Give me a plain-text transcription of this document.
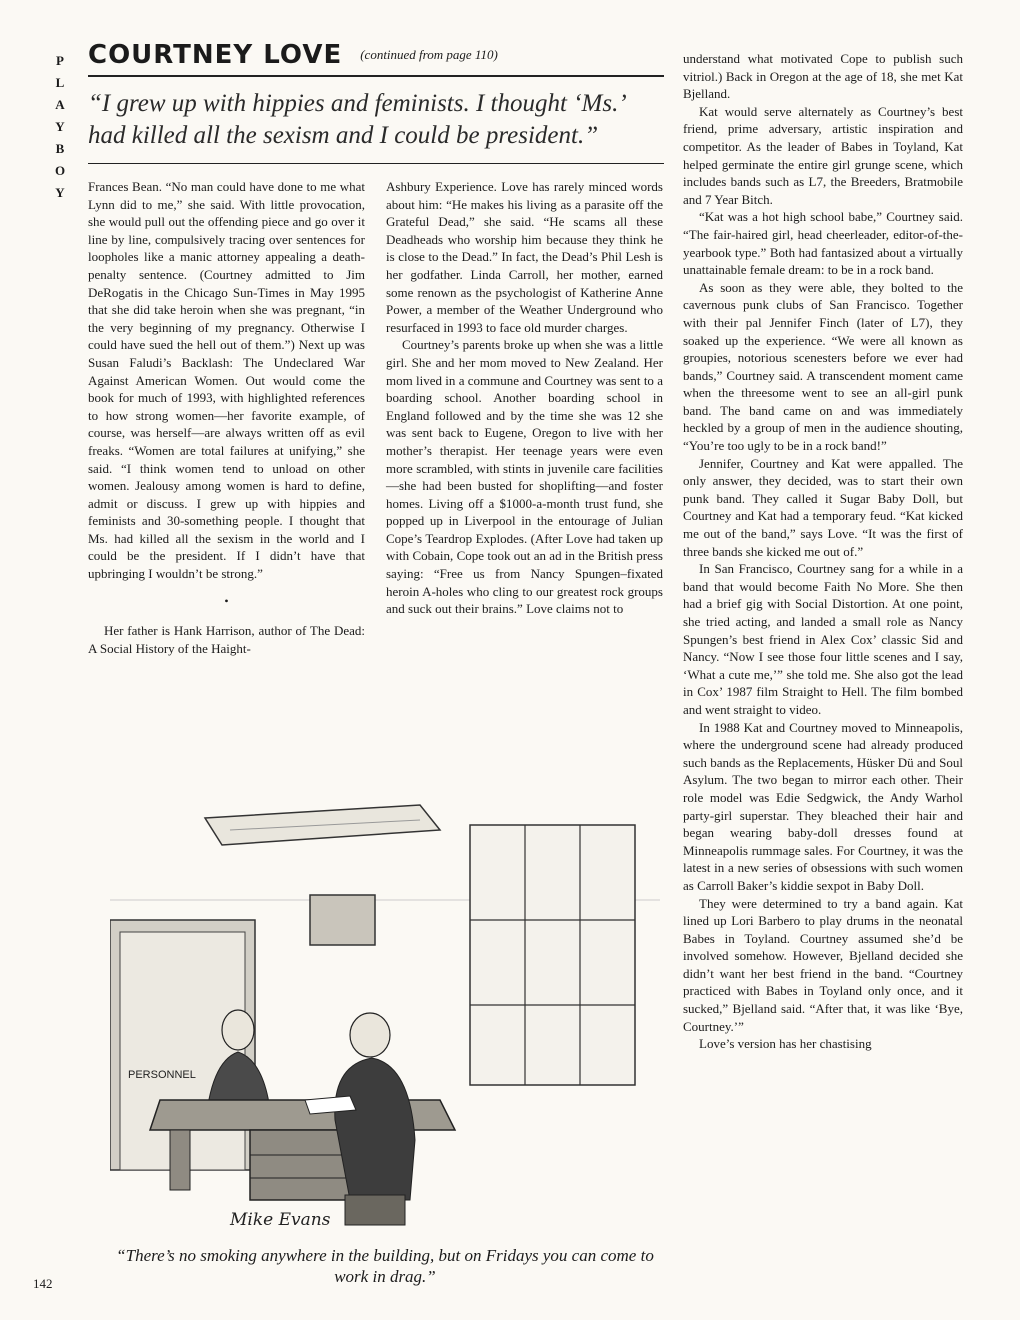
P
L
A
Y
B
O
Y
COURTNEY LOVE (continued from page 110)
“I grew up with hippies and feminists. I thought ‘Ms.’ had killed all the sexism and I could be president.”

Frances Bean. “No man could have done to me what Lynn did to me,” she said. With little provocation, she would pull out the offending piece and go over it line by line, compulsively tracing over sentences for loopholes like a manic attorney appealing a death-penalty sentence. (Courtney admitted to Jim DeRogatis in the Chicago Sun-Times in May 1995 that she did take heroin when she was pregnant, “in the very beginning of my pregnancy. Otherwise I could have sued the hell out of them.”) Next up was Susan Faludi’s Backlash: The Undeclared War Against American Women. Out would come the book for much of 1993, with highlighted references to how strong women—her favorite example, of course, was herself—are always written off as evil freaks. “Women are total failures at unifying,” she said. “I think women tend to unload on other women. Jealousy among women is hard to define, admit or discuss. I grew up with hippies and feminists and 30-something people. I thought that Ms. had killed all the sexism in the world and I could be the president. If I didn’t have that upbringing I wouldn’t be strong.”

•

Her father is Hank Harrison, author of The Dead: A Social History of the Haight-

Ashbury Experience. Love has rarely minced words about him: “He makes his living as a parasite off the Grateful Dead,” she said. “He scams all these Deadheads who worship him because they think he is close to the Dead.” In fact, the Dead’s Phil Lesh is her godfather. Linda Carroll, her mother, earned some renown as the psychologist of Katherine Anne Power, a member of the Weather Underground who resurfaced in 1993 to face old murder charges.

Courtney’s parents broke up when she was a little girl. She and her mom moved to New Zealand. Her mom lived in a commune and Courtney was sent to a boarding school. Another boarding school in England followed and by the time she was 12 she was sent back to Eugene, Oregon to live with her mother’s therapist. Her teenage years were even more scrambled, with stints in juvenile care facilities—she had been busted for shoplifting—and foster homes. Living off a $1000-a-month trust fund, she popped up in Liverpool in the entourage of Julian Cope’s Teardrop Explodes. (After Love had taken up with Cobain, Cope took out an ad in the British press saying: “Free us from Nancy Spungen–fixated heroin A-holes who cling to our greatest rock groups and suck out their brains.” Love claims not to

understand what motivated Cope to publish such vitriol.) Back in Oregon at the age of 18, she met Kat Bjelland.

Kat would serve alternately as Courtney’s best friend, prime adversary, artistic inspiration and competitor. As the leader of Babes in Toyland, Kat helped germinate the entire girl grunge scene, which includes bands such as L7, the Breeders, Bratmobile and 7 Year Bitch.

“Kat was a hot high school babe,” Courtney said. “The fair-haired girl, head cheerleader, editor-of-the-yearbook type.” Both had fantasized about a virtually unattainable female dream: to be in a rock band.

As soon as they were able, they bolted to the cavernous punk clubs of San Francisco. Together with their pal Jennifer Finch (later of L7), they soaked up the experience. “We were all known as groupies, notorious scenesters before we ever had bands,” Courtney said. A transcendent moment came when the threesome went to see an all-girl punk band. The band came on and was immediately heckled by a group of men in the audience shouting, “You’re too ugly to be in a rock band!”

Jennifer, Courtney and Kat were appalled. The only answer, they decided, was to start their own punk band. They called it Sugar Baby Doll, but Courtney and Kat had a temporary feud. “Kat kicked me out of the band,” says Love. “It was the first of three bands she kicked me out of.”

In San Francisco, Courtney sang for a while in a band that would become Faith No More. She then had a brief gig with Social Distortion. At one point, she tried acting, and landed a small role as Nancy Spungen’s best friend in Alex Cox’ classic Sid and Nancy. “Now I see those four little scenes and I say, ‘What a cute me,’” she told me. She also got the lead in Cox’ 1987 film Straight to Hell. The film bombed and went straight to video.

In 1988 Kat and Courtney moved to Minneapolis, where the underground scene had already produced such bands as the Replacements, Hüsker Dü and Soul Asylum. The two began to mirror each other. Their role model was Edie Sedgwick, the Andy Warhol party-girl superstar. They bleached their hair and began wearing baby-doll dresses found at Minneapolis rummage sales. For Courtney, it was the latest in a new series of obsessions with such women as Carroll Baker’s kiddie sexpot in Baby Doll.

They were determined to try a band again. Kat lined up Lori Barbero to play drums in the neonatal Babes in Toyland. Courtney assumed she’d be involved somehow. However, Bjelland decided she didn’t want her best friend in the band. “Courtney practiced with Babes in Toyland only once, and it sucked,” Bjelland said. “After that, it was like ‘Bye, Courtney.’”

Love’s version has her chastising

PERSONNEL
Mike Evans
“There’s no smoking anywhere in the building, but on Fridays you can come to work in drag.”
142
